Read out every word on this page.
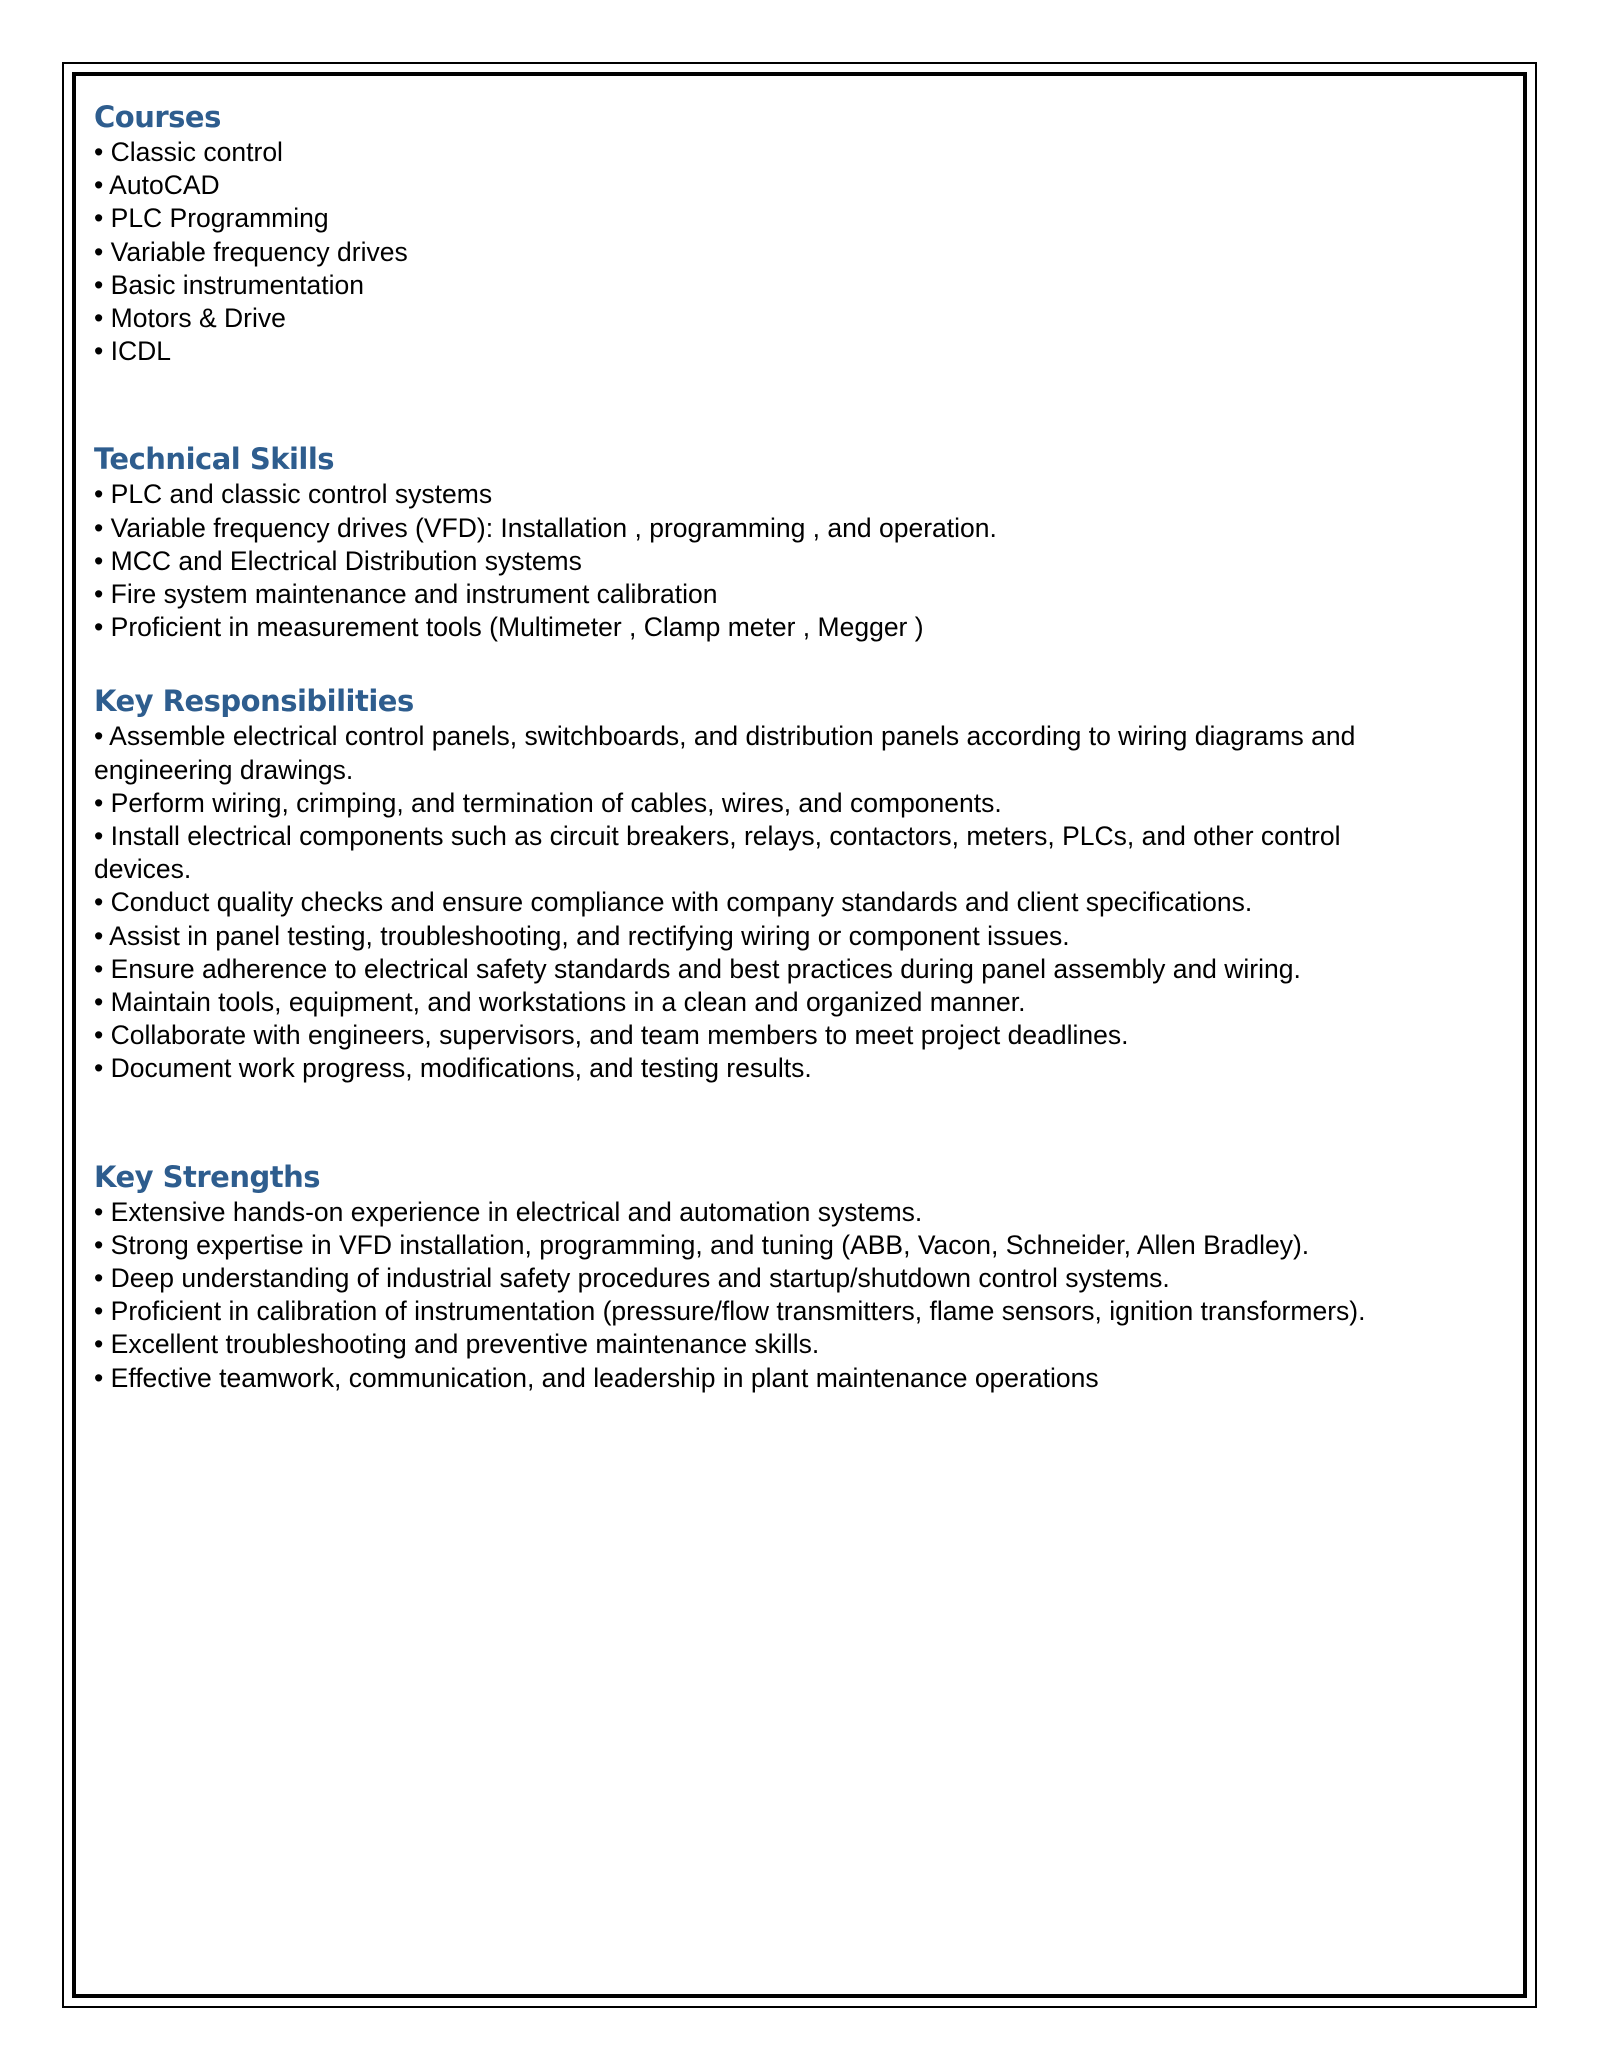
Courses

• Classic control

• AutoCAD

• PLC Programming

• Variable frequency drives

• Basic instrumentation

• Motors & Drive

• ICDL

Technical Skills

• PLC and classic control systems

• Variable frequency drives (VFD): Installation , programming , and operation.

• MCC and Electrical Distribution systems

• Fire system maintenance and instrument calibration

• Proficient in measurement tools (Multimeter , Clamp meter , Megger )

Key Responsibilities

• Assemble electrical control panels, switchboards, and distribution panels according to wiring diagrams and

engineering drawings.

• Perform wiring, crimping, and termination of cables, wires, and components.

• Install electrical components such as circuit breakers, relays, contactors, meters, PLCs, and other control

devices.

• Conduct quality checks and ensure compliance with company standards and client specifications.

• Assist in panel testing, troubleshooting, and rectifying wiring or component issues.

• Ensure adherence to electrical safety standards and best practices during panel assembly and wiring.

• Maintain tools, equipment, and workstations in a clean and organized manner.

• Collaborate with engineers, supervisors, and team members to meet project deadlines.

• Document work progress, modifications, and testing results.

Key Strengths

• Extensive hands-on experience in electrical and automation systems.

• Strong expertise in VFD installation, programming, and tuning (ABB, Vacon, Schneider, Allen Bradley).

• Deep understanding of industrial safety procedures and startup/shutdown control systems.

• Proficient in calibration of instrumentation (pressure/flow transmitters, flame sensors, ignition transformers).

• Excellent troubleshooting and preventive maintenance skills.

• Effective teamwork, communication, and leadership in plant maintenance operations
